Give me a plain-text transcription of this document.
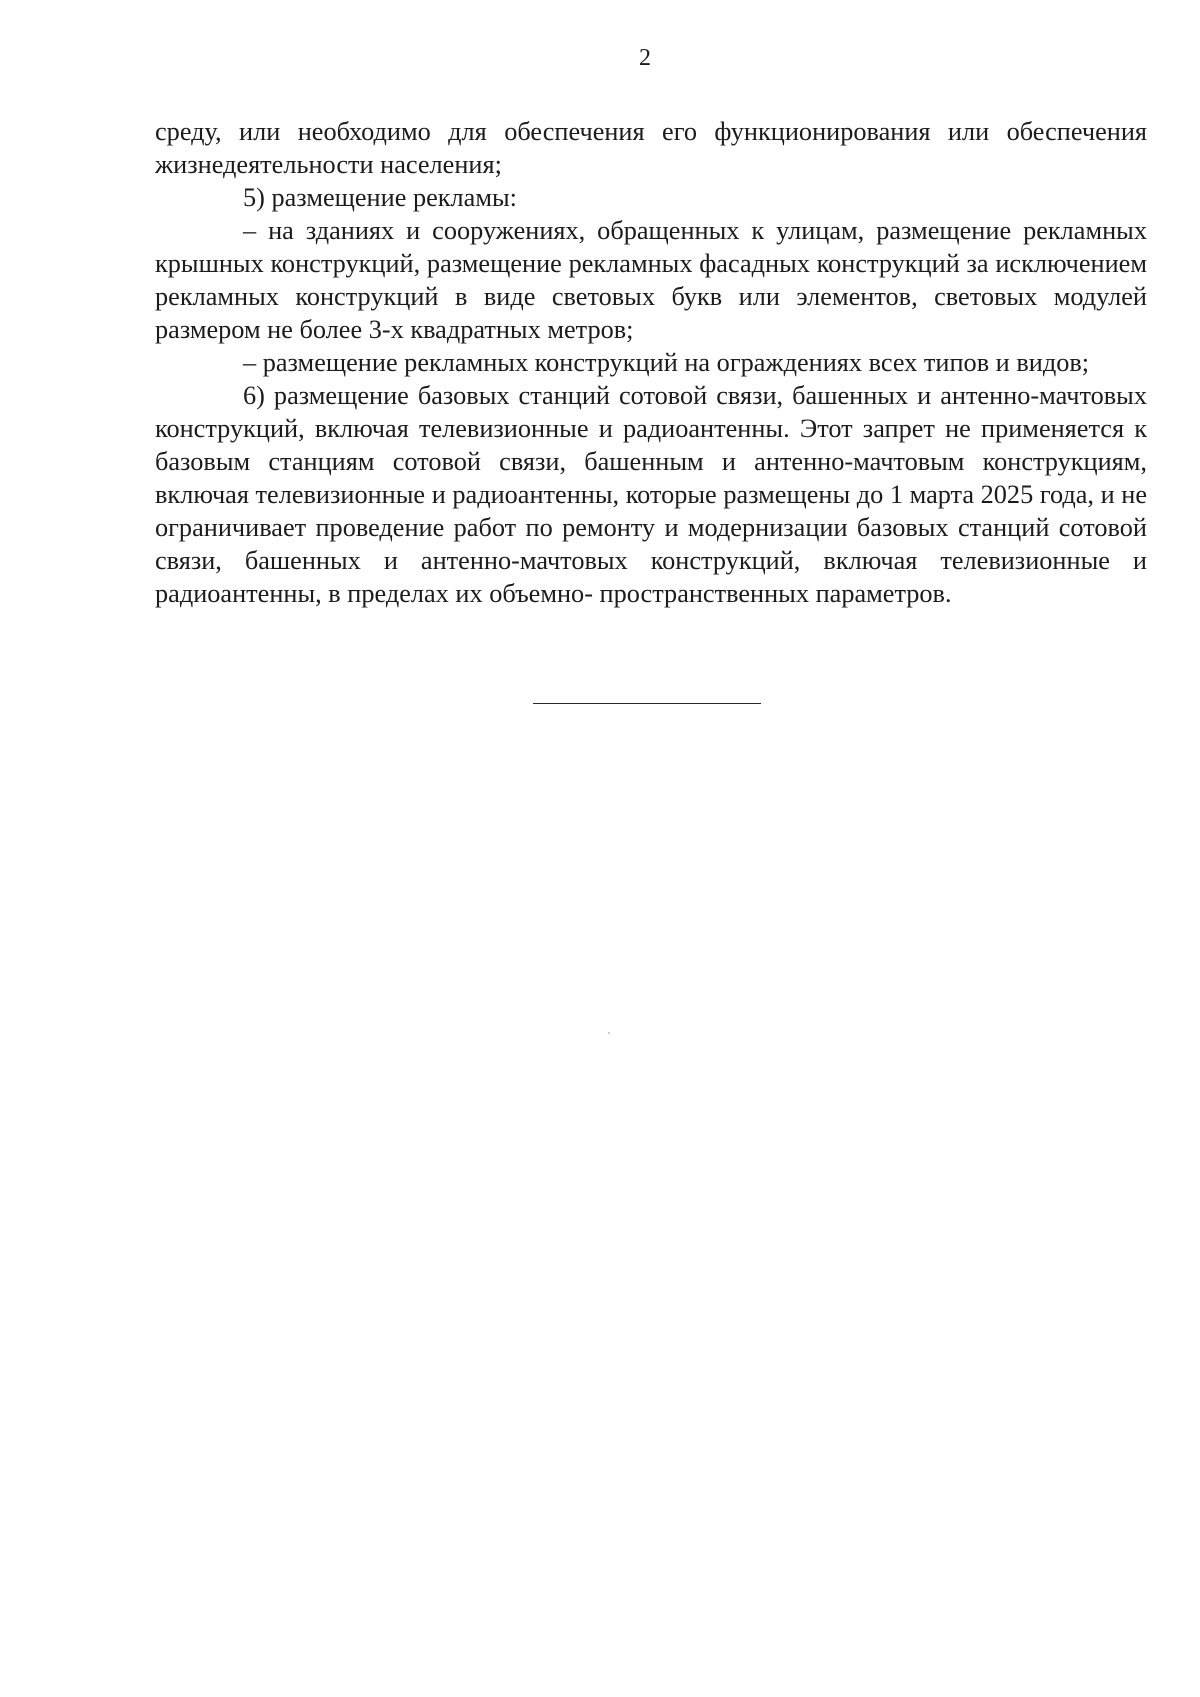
2

среду, или необходимо для обеспечения его функционирования или обеспечения жизнедеятельности населения;

5) размещение рекламы:

– на зданиях и сооружениях, обращенных к улицам, размещение рекламных крышных конструкций, размещение рекламных фасадных конструкций за исключением рекламных конструкций в виде световых букв или элементов, световых модулей размером не более 3-х квадратных метров;

– размещение рекламных конструкций на ограждениях всех типов и видов;

6) размещение базовых станций сотовой связи, башенных и антенно-мачтовых конструкций, включая телевизионные и радиоантенны. Этот запрет не применяется к базовым станциям сотовой связи, башенным и антенно-мачтовым конструкциям, включая телевизионные и радиоантенны, которые размещены до 1 марта 2025 года, и не ограничивает проведение работ по ремонту и модернизации базовых станций сотовой связи, башенных и антенно-мачтовых конструкций, включая телевизионные и радиоантенны, в пределах их объемно- пространственных параметров.
